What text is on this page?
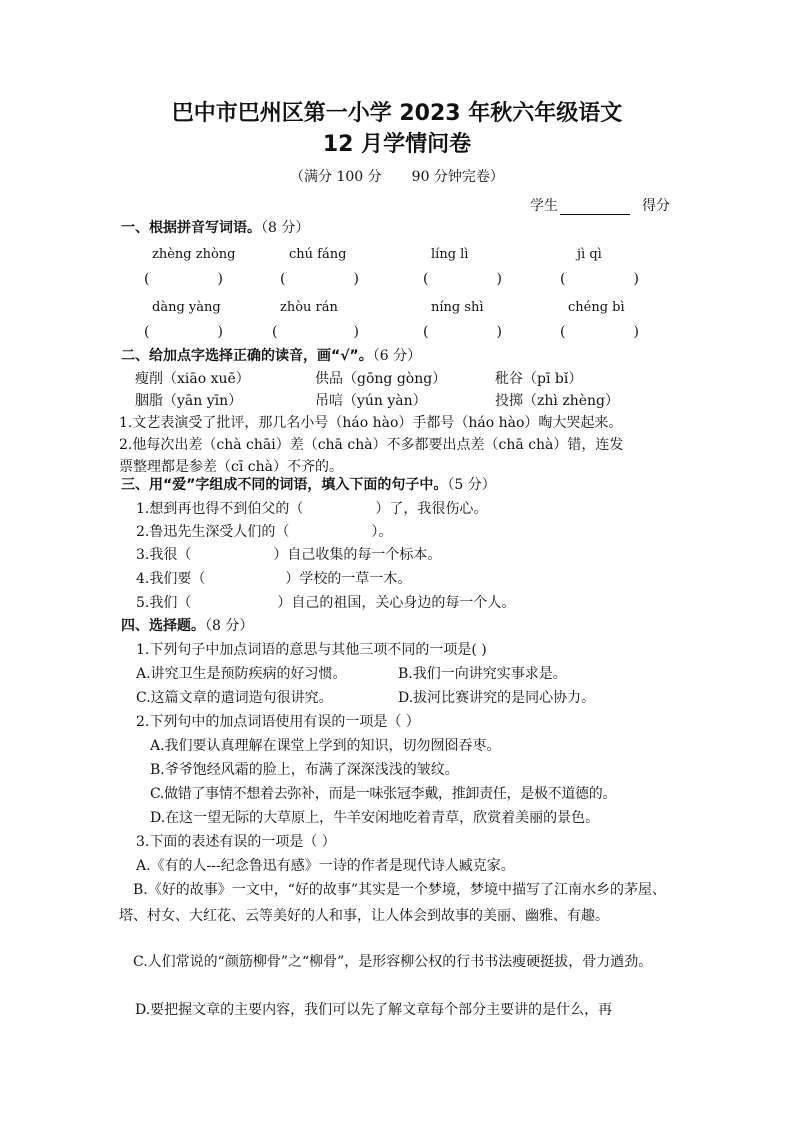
巴中市巴州区第一小学 2023 年秋六年级语文
12 月学情问卷
（满分 100 分 90 分钟完卷）
学生	得分
一、根据拼音写词语。（8 分）
zhèng zhòng	chú fáng	líng lì	jì qì
(	)	(	)	(	)	(	)
dàng yàng	zhòu rán	níng shì	chéng bì
(	)	(	)	(	)	(	)
二、给加点字选择正确的读音，画“√”。（6 分）
瘦削（xiāo xuē）	供品（gōng gòng）	秕谷（pī bǐ）
胭脂（yān yīn）	吊唁（yún yàn）	投掷（zhì zhèng）
1.文艺表演受了批评，那几名小号（háo hào）手都号（háo hào）啕大哭起来。
2.他每次出差（chà chāi）差（chā chà）不多都要出点差（chā chà）错，连发
票整理都是参差（cī chà）不齐的。
三、用“爱”字组成不同的词语，填入下面的句子中。（5 分）
1.想到再也得不到伯父的（	）了，我很伤心。
2.鲁迅先生深受人们的（	）。
3.我很（	）自己收集的每一个标本。
4.我们要（	）学校的一草一木。
5.我们（	）自己的祖国，关心身边的每一个人。
四、选择题。（8 分）
1.下列句子中加点词语的意思与其他三项不同的一项是( )
A.讲究卫生是预防疾病的好习惯。	B.我们一向讲究实事求是。
C.这篇文章的遣词造句很讲究。	D.拔河比赛讲究的是同心协力。
2.下列句中的加点词语使用有误的一项是（ ）
A.我们要认真理解在课堂上学到的知识，切勿囫囵吞枣。
B.爷爷饱经风霜的脸上，布满了深深浅浅的皱纹。
C.做错了事情不想着去弥补，而是一味张冠李戴，推卸责任，是极不道德的。
D.在这一望无际的大草原上，牛羊安闲地吃着青草，欣赏着美丽的景色。
3.下面的表述有误的一项是（ ）
A.《有的人---纪念鲁迅有感》一诗的作者是现代诗人臧克家。
B.《好的故事》一文中，“好的故事”其实是一个梦境，梦境中描写了江南水乡的茅屋、塔、村女、大红花、云等美好的人和事，让人体会到故事的美丽、幽雅、有趣。
C.人们常说的“颜筋柳骨”之“柳骨”，是形容柳公权的行书书法瘦硬挺拔，骨力遒劲。
D.要把握文章的主要内容，我们可以先了解文章每个部分主要讲的是什么，再
